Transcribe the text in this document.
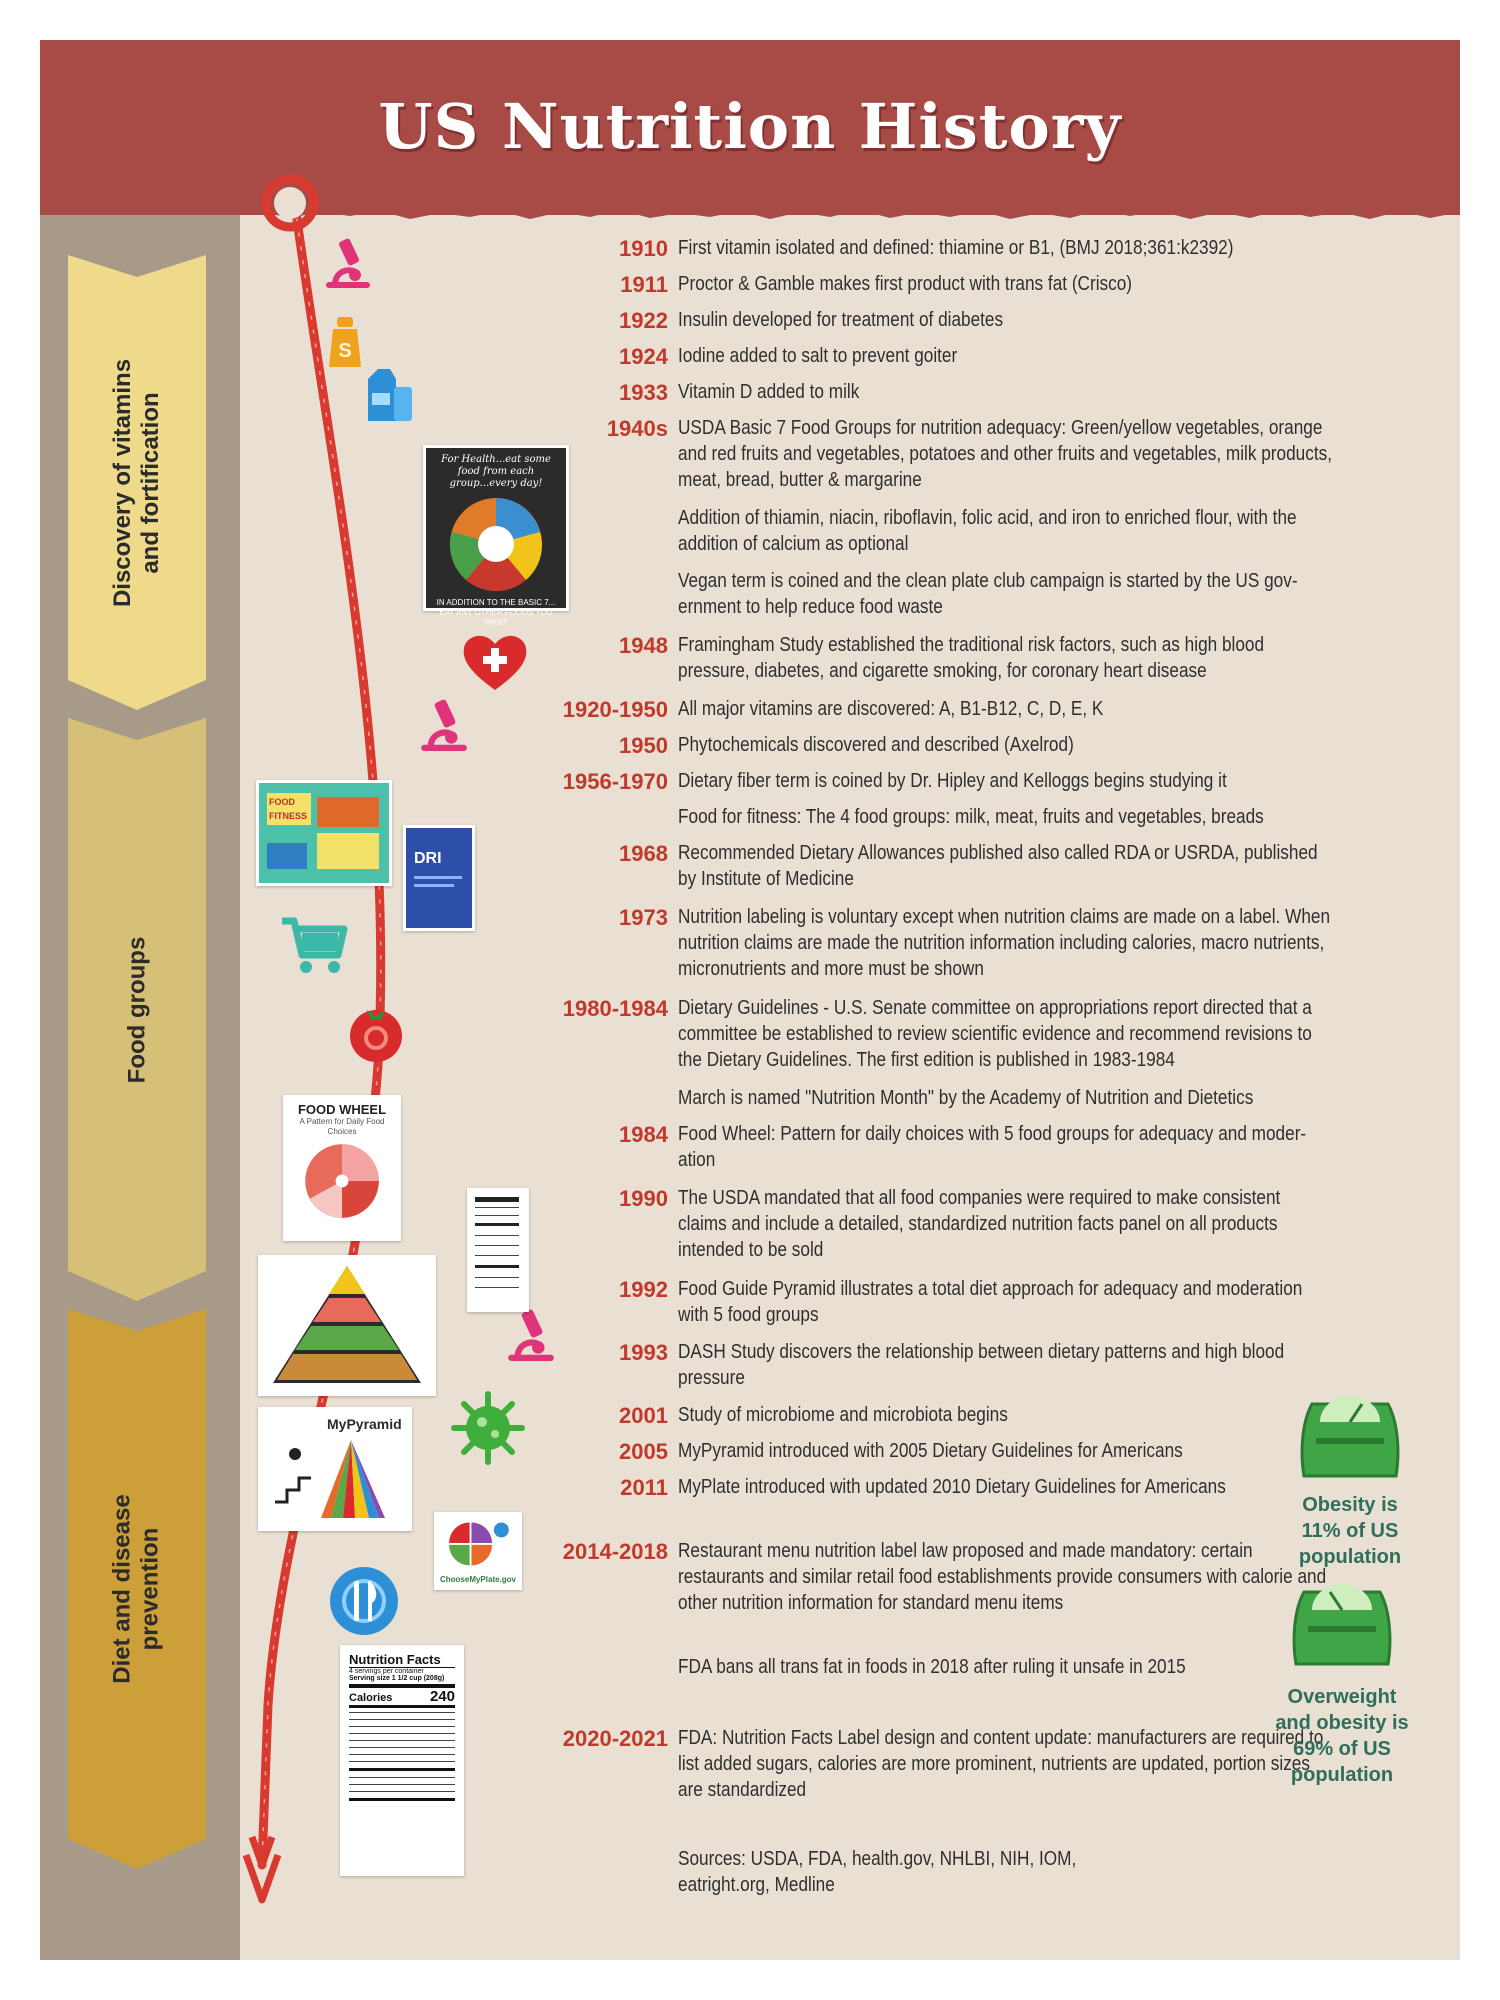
US Nutrition History
Discovery of vitamins and fortification
Food groups
Diet and disease prevention
S
For Health...eat some food from each group...every day!
IN ADDITION TO THE BASIC 7... EAT ANY OTHER FOODS YOU WANT
FOOD FITNESS
DRI
FOOD WHEEL
A Pattern for Daily Food Choices
MyPyramid
ChooseMyPlate.gov
Nutrition Facts
4 servings per container
Serving size 1 1/2 cup (208g)
Calories	240
1910 First vitamin isolated and defined: thiamine or B1, (BMJ 2018;361:k2392)
1911 Proctor & Gamble makes first product with trans fat (Crisco)
1922 Insulin developed for treatment of diabetes
1924 Iodine added to salt to prevent goiter
1933 Vitamin D added to milk
1940s USDA Basic 7 Food Groups for nutrition adequacy: Green/yellow vegetables, orange and red fruits and vegetables, potatoes and other fruits and vegetables, milk products, meat, bread, butter & margarine
Addition of thiamin, niacin, riboflavin, folic acid, and iron to enriched flour, with the addition of calcium as optional
Vegan term is coined and the clean plate club campaign is started by the US gov-ernment to help reduce food waste
1948 Framingham Study established the traditional risk factors, such as high blood pressure, diabetes, and cigarette smoking, for coronary heart disease
1920-1950 All major vitamins are discovered: A, B1-B12, C, D, E, K
1950 Phytochemicals discovered and described (Axelrod)
1956-1970 Dietary fiber term is coined by Dr. Hipley and Kelloggs begins studying it
Food for fitness: The 4 food groups: milk, meat, fruits and vegetables, breads
1968 Recommended Dietary Allowances published also called RDA or USRDA, published by Institute of Medicine
1973 Nutrition labeling is voluntary except when nutrition claims are made on a label. When nutrition claims are made the nutrition information including calories, macro nutrients, micronutrients and more must be shown
1980-1984 Dietary Guidelines - U.S. Senate committee on appropriations report directed that a committee be established to review scientific evidence and recommend revisions to the Dietary Guidelines. The first edition is published in 1983-1984
March is named "Nutrition Month" by the Academy of Nutrition and Dietetics
1984 Food Wheel: Pattern for daily choices with 5 food groups for adequacy and moder-ation
1990 The USDA mandated that all food companies were required to make consistent claims and include a detailed, standardized nutrition facts panel on all products intended to be sold
1992 Food Guide Pyramid illustrates a total diet approach for adequacy and moderation with 5 food groups
1993 DASH Study discovers the relationship between dietary patterns and high blood pressure
2001 Study of microbiome and microbiota begins
2005 MyPyramid introduced with 2005 Dietary Guidelines for Americans
2011 MyPlate introduced with updated 2010 Dietary Guidelines for Americans
2014-2018 Restaurant menu nutrition label law proposed and made mandatory: certain restaurants and similar retail food establishments provide consumers with calorie and other nutrition information for standard menu items
FDA bans all trans fat in foods in 2018 after ruling it unsafe in 2015
2020-2021 FDA: Nutrition Facts Label design and content update: manufacturers are required to list added sugars, calories are more prominent, nutrients are updated, portion sizes are standardized
Sources: USDA, FDA, health.gov, NHLBI, NIH, IOM, eatright.org, Medline
Obesity is 11% of US population
Overweight and obesity is 69% of US population
